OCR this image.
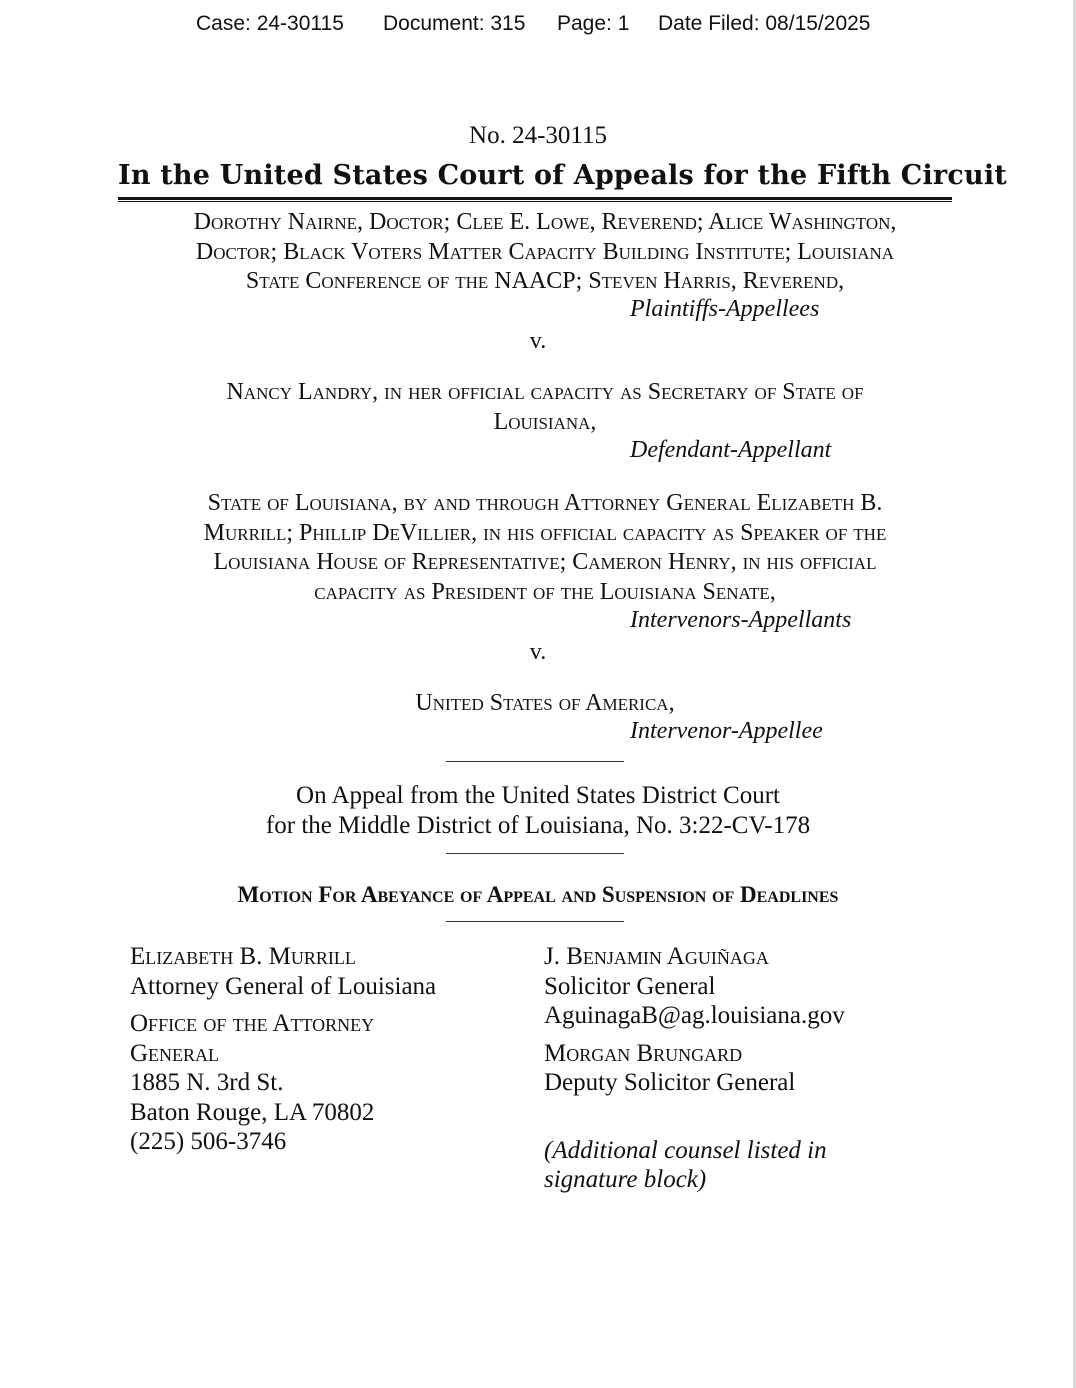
Case: 24-30115 Document: 315 Page: 1 Date Filed: 08/15/2025
No. 24-30115
In the United States Court of Appeals for the Fifth Circuit
Dorothy Nairne, Doctor; Clee E. Lowe, Reverend; Alice Washington,
Doctor; Black Voters Matter Capacity Building Institute; Louisiana
State Conference of the NAACP; Steven Harris, Reverend,
Plaintiffs-Appellees
v.
Nancy Landry, in her official capacity as Secretary of State of
Louisiana,
Defendant-Appellant
State of Louisiana, by and through Attorney General Elizabeth B.
Murrill; Phillip DeVillier, in his official capacity as Speaker of the
Louisiana House of Representative; Cameron Henry, in his official
capacity as President of the Louisiana Senate,
Intervenors-Appellants
v.
United States of America,
Intervenor-Appellee
On Appeal from the United States District Court
for the Middle District of Louisiana, No. 3:22-CV-178
Motion For Abeyance of Appeal and Suspension of Deadlines
Elizabeth B. Murrill
Attorney General of Louisiana
Office of the Attorney
General
1885 N. 3rd St.
Baton Rouge, LA 70802
(225) 506-3746
J. Benjamin Aguiñaga
Solicitor General
AguinagaB@ag.louisiana.gov
Morgan Brungard
Deputy Solicitor General
(Additional counsel listed in
signature block)
